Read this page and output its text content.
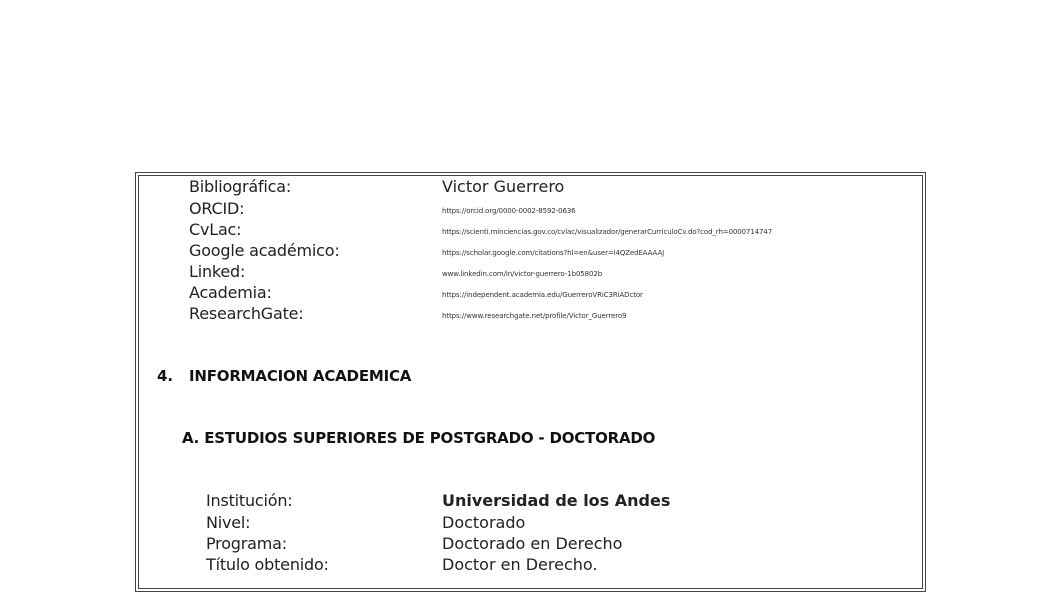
Bibliográfica:	Victor Guerrero
ORCID:	https://orcid.org/0000-0002-8592-0636
CvLac:	https://scienti.minciencias.gov.co/cvlac/visualizador/generarCurriculoCv.do?cod_rh=0000714747
Google académico:	https://scholar.google.com/citations?hl=en&user=i4QZedEAAAAJ
Linked:	www.linkedin.com/in/victor-guerrero-1b05802b
Academia:	https://independent.academia.edu/GuerreroVRiC3RiADctor
ResearchGate:	https://www.researchgate.net/profile/Victor_Guerrero9
4. INFORMACION ACADEMICA
A. ESTUDIOS SUPERIORES DE POSTGRADO - DOCTORADO
Institución:	Universidad de los Andes
Nivel:	Doctorado
Programa:	Doctorado en Derecho
Título obtenido:	Doctor en Derecho.
